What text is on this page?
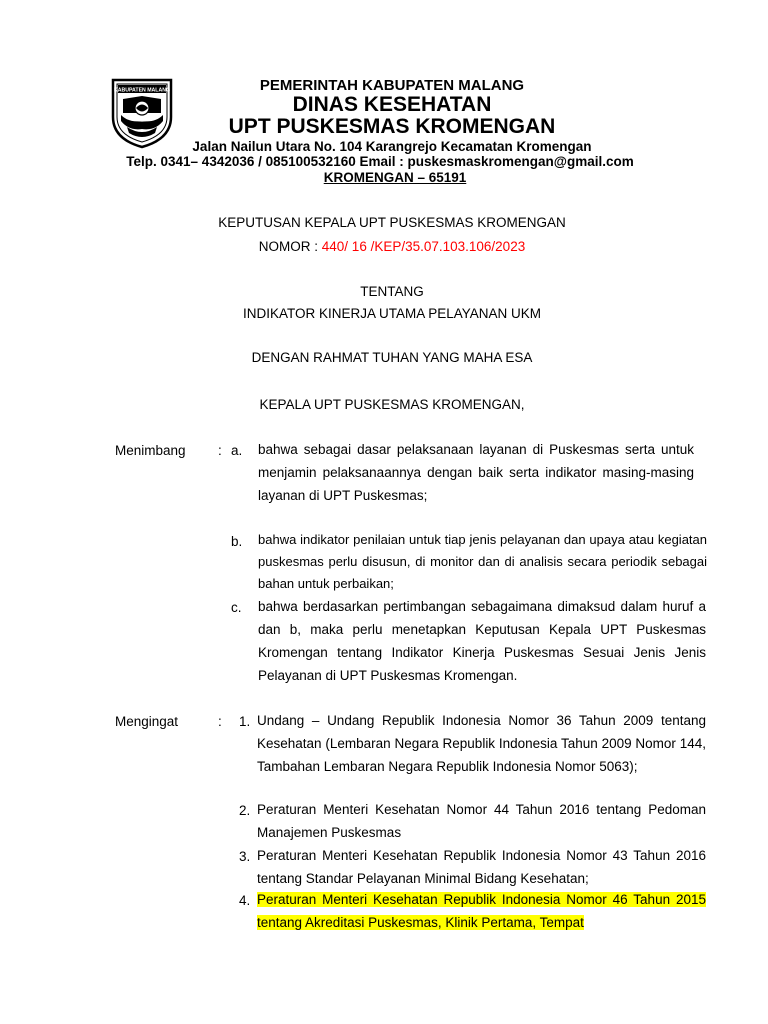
KABUPATEN MALANG	PEMERINTAH KABUPATEN MALANG
DINAS KESEHATAN
UPT PUSKESMAS KROMENGAN
Jalan Nailun Utara No. 104 Karangrejo Kecamatan Kromengan
Telp. 0341– 4342036 / 085100532160 Email : puskesmaskromengan@gmail.com
KROMENGAN – 65191
KEPUTUSAN KEPALA UPT PUSKESMAS KROMENGAN
NOMOR : 440/ 16 /KEP/35.07.103.106/2023
TENTANG
INDIKATOR KINERJA UTAMA PELAYANAN UKM
DENGAN RAHMAT TUHAN YANG MAHA ESA
KEPALA UPT PUSKESMAS KROMENGAN,
Menimbang : a. bahwa sebagai dasar pelaksanaan layanan di Puskesmas serta untuk menjamin pelaksanaannya dengan baik serta indikator masing-masing layanan di UPT Puskesmas;

b. bahwa indikator penilaian untuk tiap jenis pelayanan dan upaya atau kegiatan puskesmas perlu disusun, di monitor dan di analisis secara periodik sebagai bahan untuk perbaikan;

c. bahwa berdasarkan pertimbangan sebagaimana dimaksud dalam huruf a dan b, maka perlu menetapkan Keputusan Kepala UPT Puskesmas Kromengan tentang Indikator Kinerja Puskesmas Sesuai Jenis Jenis Pelayanan di UPT Puskesmas Kromengan.

Mengingat	: 1. Undang – Undang Republik Indonesia Nomor 36 Tahun 2009 tentang Kesehatan (Lembaran Negara Republik Indonesia Tahun 2009 Nomor 144, Tambahan Lembaran Negara Republik Indonesia Nomor 5063);

2. Peraturan Menteri Kesehatan Nomor 44 Tahun 2016 tentang Pedoman Manajemen Puskesmas

3. Peraturan Menteri Kesehatan Republik Indonesia Nomor 43 Tahun 2016 tentang Standar Pelayanan Minimal Bidang Kesehatan;

4. Peraturan Menteri Kesehatan Republik Indonesia Nomor 46 Tahun 2015 tentang Akreditasi Puskesmas, Klinik Pertama, Tempat
